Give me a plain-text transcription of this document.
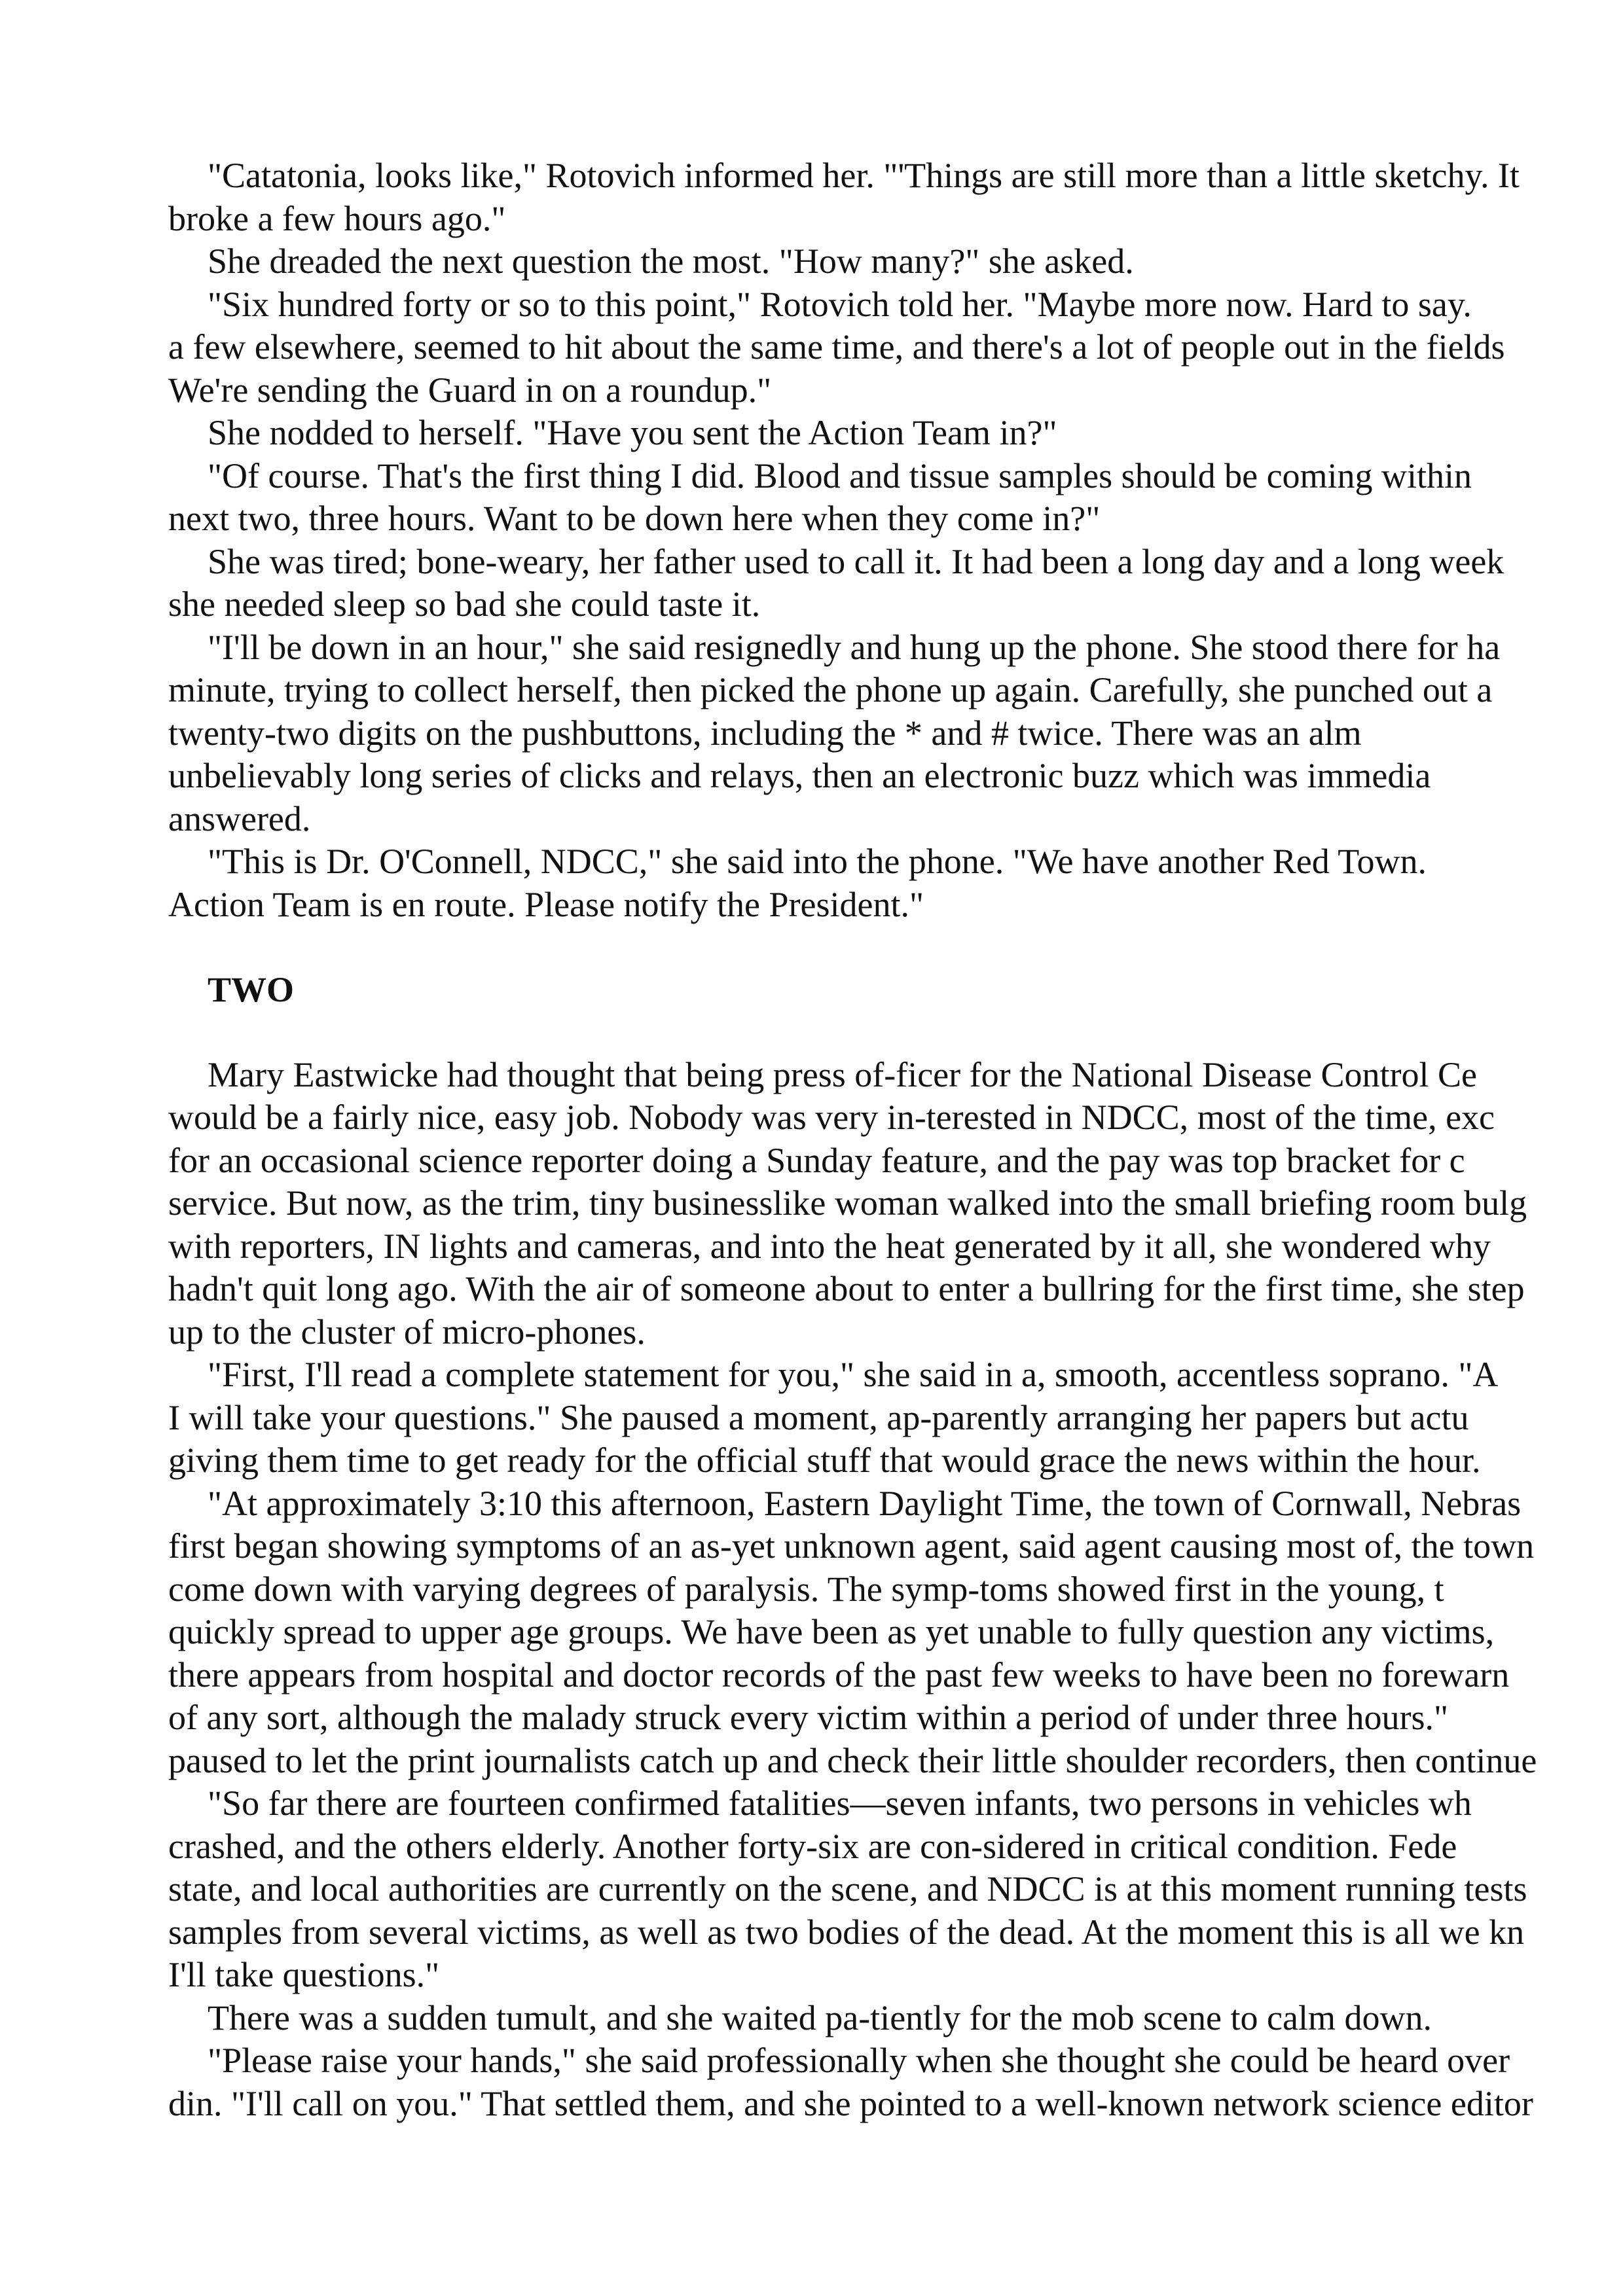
"Catatonia, looks like," Rotovich informed her. "'Things are still more than a little sketchy. It
broke a few hours ago."
She dreaded the next question the most. "How many?" she asked.
"Six hundred forty or so to this point," Rotovich told her. "Maybe more now. Hard to say.
a few elsewhere, seemed to hit about the same time, and there's a lot of people out in the fields
We're sending the Guard in on a roundup."
She nodded to herself. "Have you sent the Action Team in?"
"Of course. That's the first thing I did. Blood and tissue samples should be coming within
next two, three hours. Want to be down here when they come in?"
She was tired; bone-weary, her father used to call it. It had been a long day and a long week
she needed sleep so bad she could taste it.
"I'll be down in an hour," she said resignedly and hung up the phone. She stood there for ha
minute, trying to collect herself, then picked the phone up again. Carefully, she punched out a
twenty-two digits on the pushbuttons, including the * and # twice. There was an alm
unbelievably long series of clicks and relays, then an electronic buzz which was immedia
answered.
"This is Dr. O'Connell, NDCC," she said into the phone. "We have another Red Town.
Action Team is en route. Please notify the President."
TWO
Mary Eastwicke had thought that being press of-ficer for the National Disease Control Ce
would be a fairly nice, easy job. Nobody was very in-terested in NDCC, most of the time, exc
for an occasional science reporter doing a Sunday feature, and the pay was top bracket for c
service. But now, as the trim, tiny businesslike woman walked into the small briefing room bulg
with reporters, IN lights and cameras, and into the heat generated by it all, she wondered why
hadn't quit long ago. With the air of someone about to enter a bullring for the first time, she step
up to the cluster of micro-phones.
"First, I'll read a complete statement for you," she said in a, smooth, accentless soprano. "A
I will take your questions." She paused a moment, ap-parently arranging her papers but actu
giving them time to get ready for the official stuff that would grace the news within the hour.
"At approximately 3:10 this afternoon, Eastern Daylight Time, the town of Cornwall, Nebras
first began showing symptoms of an as-yet unknown agent, said agent causing most of, the town
come down with varying degrees of paralysis. The symp-toms showed first in the young, t
quickly spread to upper age groups. We have been as yet unable to fully question any victims,
there appears from hospital and doctor records of the past few weeks to have been no forewarn
of any sort, although the malady struck every victim within a period of under three hours."
paused to let the print journalists catch up and check their little shoulder recorders, then continue
"So far there are fourteen confirmed fatalities—seven infants, two persons in vehicles wh
crashed, and the others elderly. Another forty-six are con-sidered in critical condition. Fede
state, and local authorities are currently on the scene, and NDCC is at this moment running tests
samples from several victims, as well as two bodies of the dead. At the moment this is all we kn
I'll take questions."
There was a sudden tumult, and she waited pa-tiently for the mob scene to calm down.
"Please raise your hands," she said professionally when she thought she could be heard over
din. "I'll call on you." That settled them, and she pointed to a well-known network science editor
